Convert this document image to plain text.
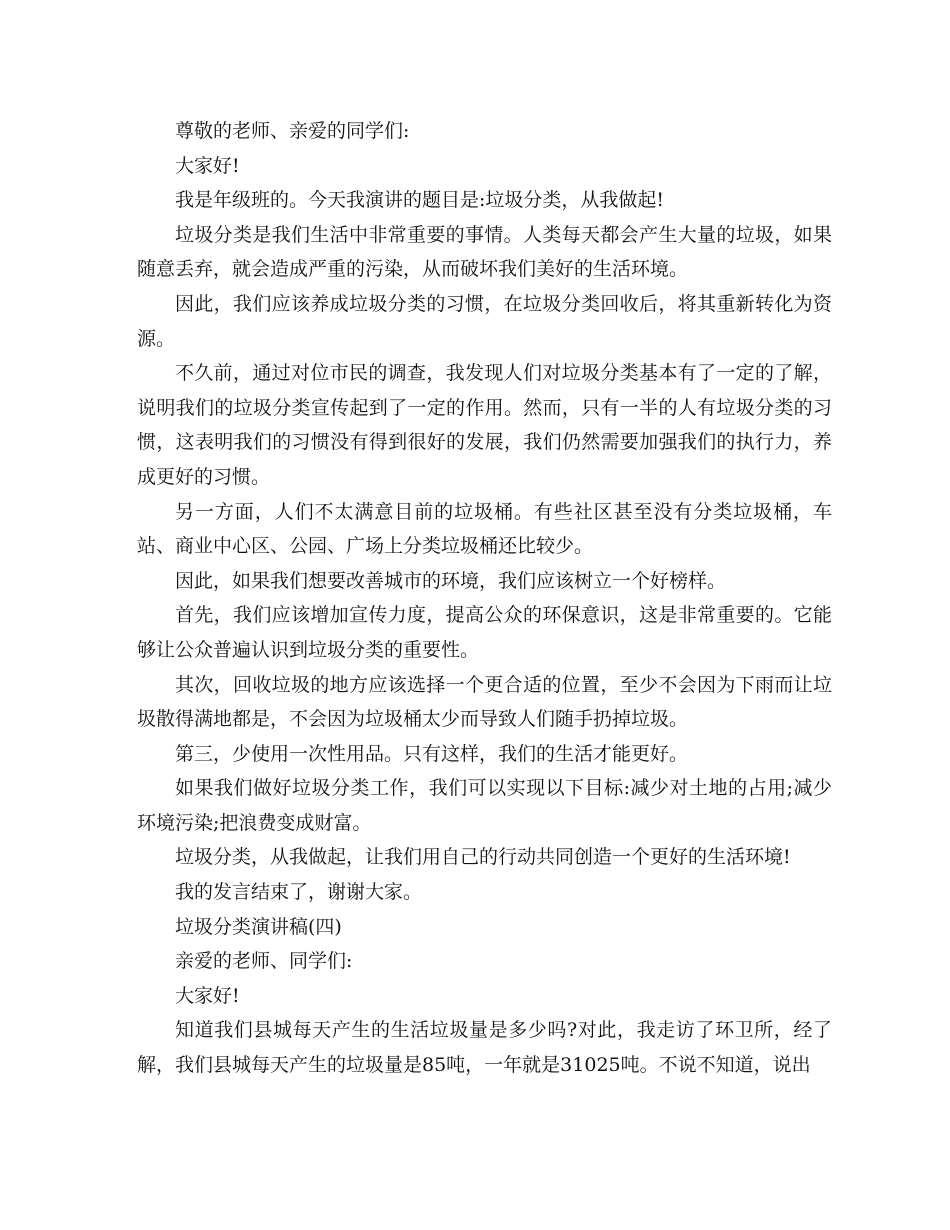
尊敬的老师、亲爱的同学们:

大家好!

我是年级班的。今天我演讲的题目是:垃圾分类，从我做起!

垃圾分类是我们生活中非常重要的事情。人类每天都会产生大量的垃圾，如果随意丢弃，就会造成严重的污染，从而破坏我们美好的生活环境。

因此，我们应该养成垃圾分类的习惯，在垃圾分类回收后，将其重新转化为资源。

不久前，通过对位市民的调查，我发现人们对垃圾分类基本有了一定的了解，说明我们的垃圾分类宣传起到了一定的作用。然而，只有一半的人有垃圾分类的习惯，这表明我们的习惯没有得到很好的发展，我们仍然需要加强我们的执行力，养成更好的习惯。

另一方面，人们不太满意目前的垃圾桶。有些社区甚至没有分类垃圾桶，车站、商业中心区、公园、广场上分类垃圾桶还比较少。

因此，如果我们想要改善城市的环境，我们应该树立一个好榜样。

首先，我们应该增加宣传力度，提高公众的环保意识，这是非常重要的。它能够让公众普遍认识到垃圾分类的重要性。

其次，回收垃圾的地方应该选择一个更合适的位置，至少不会因为下雨而让垃圾散得满地都是，不会因为垃圾桶太少而导致人们随手扔掉垃圾。

第三，少使用一次性用品。只有这样，我们的生活才能更好。

如果我们做好垃圾分类工作，我们可以实现以下目标:减少对土地的占用;减少环境污染;把浪费变成财富。

垃圾分类，从我做起，让我们用自己的行动共同创造一个更好的生活环境!

我的发言结束了，谢谢大家。

垃圾分类演讲稿(四)

亲爱的老师、同学们:

大家好!

知道我们县城每天产生的生活垃圾量是多少吗?对此，我走访了环卫所，经了解，我们县城每天产生的垃圾量是85吨，一年就是31025吨。不说不知道，说出
